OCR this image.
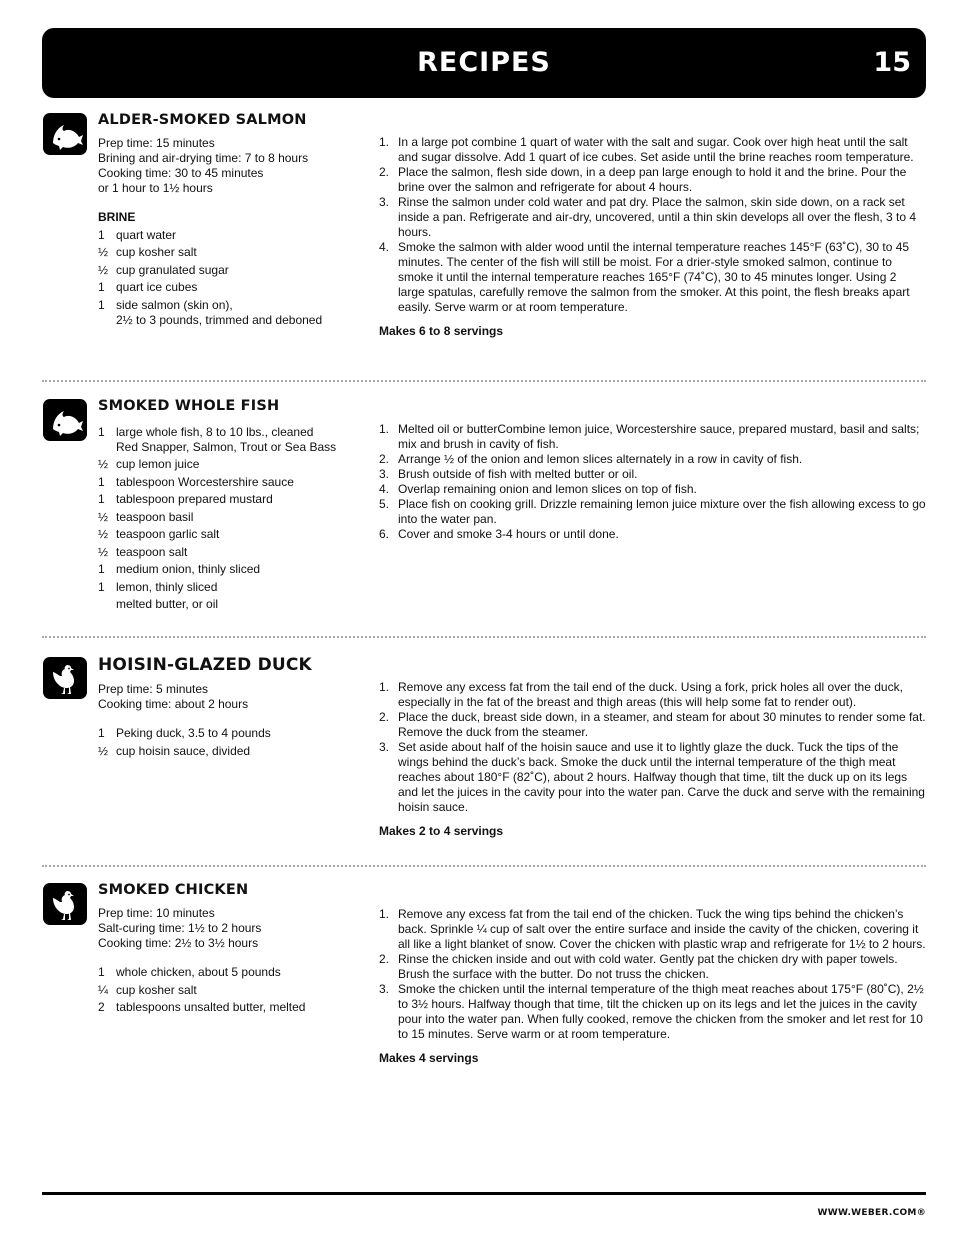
RECIPES	15
ALDER-SMOKED SALMON
Prep time: 15 minutes
Brining and air-drying time: 7 to 8 hours
Cooking time: 30 to 45 minutes
or 1 hour to 1½ hours
BRINE
1 quart water
½ cup kosher salt
½ cup granulated sugar
1 quart ice cubes
1 side salmon (skin on),
2½ to 3 pounds, trimmed and deboned
1. In a large pot combine 1 quart of water with the salt and sugar. Cook over high heat until the salt and sugar dissolve. Add 1 quart of ice cubes. Set aside until the brine reaches room temperature.
2. Place the salmon, flesh side down, in a deep pan large enough to hold it and the brine. Pour the brine over the salmon and refrigerate for about 4 hours.
3. Rinse the salmon under cold water and pat dry. Place the salmon, skin side down, on a rack set inside a pan. Refrigerate and air-dry, uncovered, until a thin skin develops all over the flesh, 3 to 4 hours.
4. Smoke the salmon with alder wood until the internal temperature reaches 145°F (63˚C), 30 to 45 minutes. The center of the fish will still be moist. For a drier-style smoked salmon, continue to smoke it until the internal temperature reaches 165°F (74˚C), 30 to 45 minutes longer. Using 2 large spatulas, carefully remove the salmon from the smoker. At this point, the flesh breaks apart easily. Serve warm or at room temperature.
Makes 6 to 8 servings
SMOKED WHOLE FISH
1 large whole fish, 8 to 10 lbs., cleaned
Red Snapper, Salmon, Trout or Sea Bass
½ cup lemon juice
1 tablespoon Worcestershire sauce
1 tablespoon prepared mustard
½ teaspoon basil
½ teaspoon garlic salt
½ teaspoon salt
1 medium onion, thinly sliced
1 lemon, thinly sliced
melted butter, or oil
1. Melted oil or butterCombine lemon juice, Worcestershire sauce, prepared mustard, basil and salts; mix and brush in cavity of fish.
2. Arrange ½ of the onion and lemon slices alternately in a row in cavity of fish.
3. Brush outside of fish with melted butter or oil.
4. Overlap remaining onion and lemon slices on top of fish.
5. Place fish on cooking grill. Drizzle remaining lemon juice mixture over the fish allowing excess to go into the water pan.
6. Cover and smoke 3-4 hours or until done.
HOISIN-GLAZED DUCK
Prep time: 5 minutes
Cooking time: about 2 hours
1 Peking duck, 3.5 to 4 pounds
½ cup hoisin sauce, divided
1. Remove any excess fat from the tail end of the duck. Using a fork, prick holes all over the duck, especially in the fat of the breast and thigh areas (this will help some fat to render out).
2. Place the duck, breast side down, in a steamer, and steam for about 30 minutes to render some fat. Remove the duck from the steamer.
3. Set aside about half of the hoisin sauce and use it to lightly glaze the duck. Tuck the tips of the wings behind the duck’s back. Smoke the duck until the internal temperature of the thigh meat reaches about 180°F (82˚C), about 2 hours. Halfway though that time, tilt the duck up on its legs and let the juices in the cavity pour into the water pan. Carve the duck and serve with the remaining hoisin sauce.
Makes 2 to 4 servings
SMOKED CHICKEN
Prep time: 10 minutes
Salt-curing time: 1½ to 2 hours
Cooking time: 2½ to 3½ hours
1 whole chicken, about 5 pounds
¼ cup kosher salt
2 tablespoons unsalted butter, melted
1. Remove any excess fat from the tail end of the chicken. Tuck the wing tips behind the chicken’s back. Sprinkle ¼ cup of salt over the entire surface and inside the cavity of the chicken, covering it all like a light blanket of snow. Cover the chicken with plastic wrap and refrigerate for 1½ to 2 hours.
2. Rinse the chicken inside and out with cold water. Gently pat the chicken dry with paper towels. Brush the surface with the butter. Do not truss the chicken.
3. Smoke the chicken until the internal temperature of the thigh meat reaches about 175°F (80˚C), 2½ to 3½ hours. Halfway though that time, tilt the chicken up on its legs and let the juices in the cavity pour into the water pan. When fully cooked, remove the chicken from the smoker and let rest for 10 to 15 minutes. Serve warm or at room temperature.
Makes 4 servings
WWW.WEBER.COM®
